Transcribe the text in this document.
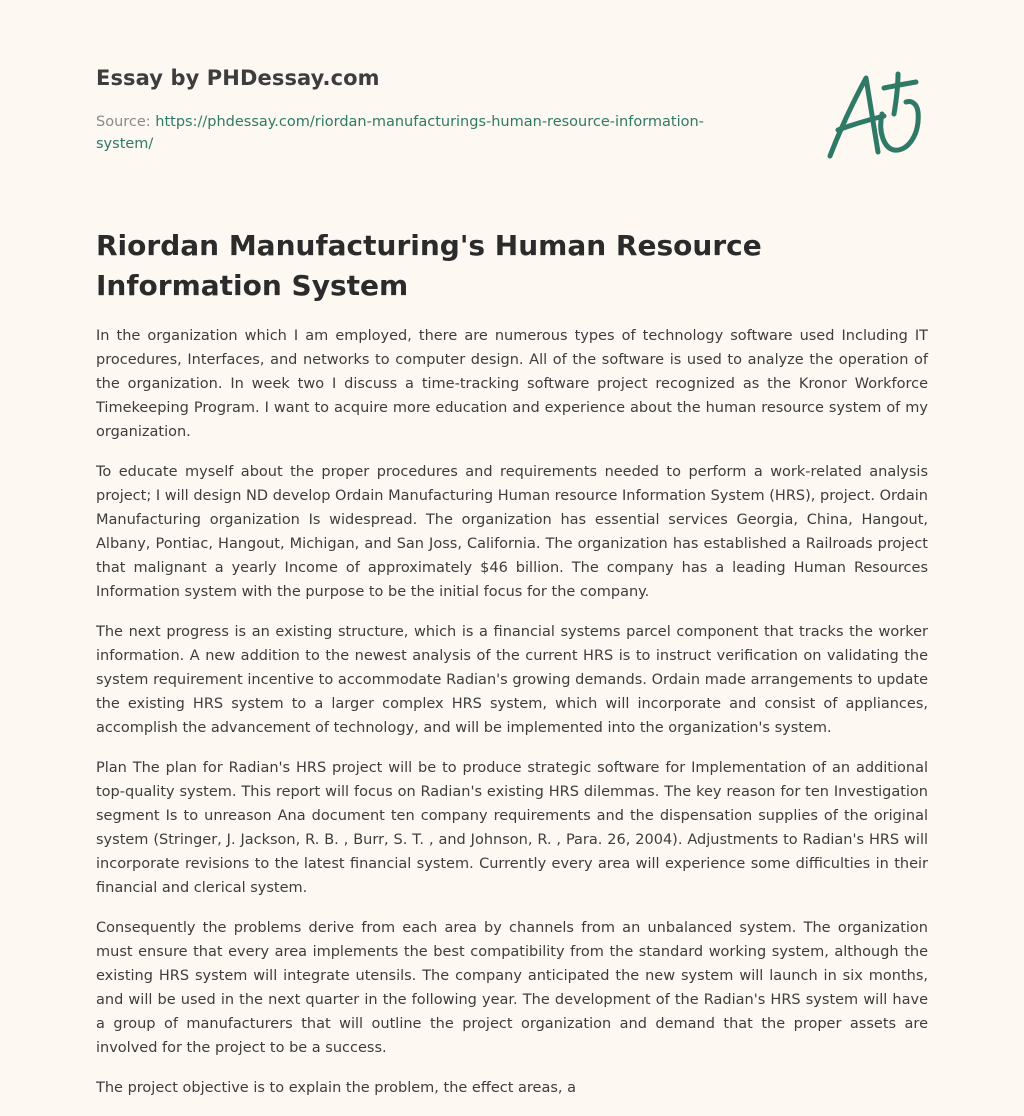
Essay by PHDessay.com
Source: https://phdessay.com/riordan-manufacturings-human-resource-information-system/
Riordan Manufacturing's Human Resource Information System

In the organization which I am employed, there are numerous types of technology software used Including IT procedures, Interfaces, and networks to computer design. All of the software is used to analyze the operation of the organization. In week two I discuss a time-tracking software project recognized as the Kronor Workforce Timekeeping Program. I want to acquire more education and experience about the human resource system of my organization.

To educate myself about the proper procedures and requirements needed to perform a work-related analysis project; I will design ND develop Ordain Manufacturing Human resource Information System (HRS), project. Ordain Manufacturing organization Is widespread. The organization has essential services Georgia, China, Hangout, Albany, Pontiac, Hangout, Michigan, and San Joss, California. The organization has established a Railroads project that malignant a yearly Income of approximately $46 billion. The company has a leading Human Resources Information system with the purpose to be the initial focus for the company.

The next progress is an existing structure, which is a financial systems parcel component that tracks the worker information. A new addition to the newest analysis of the current HRS is to instruct verification on validating the system requirement incentive to accommodate Radian's growing demands. Ordain made arrangements to update the existing HRS system to a larger complex HRS system, which will incorporate and consist of appliances, accomplish the advancement of technology, and will be implemented into the organization's system.

Plan The plan for Radian's HRS project will be to produce strategic software for Implementation of an additional top-quality system. This report will focus on Radian's existing HRS dilemmas. The key reason for ten Investigation segment Is to unreason Ana document ten company requirements and the dispensation supplies of the original system (Stringer, J. Jackson, R. B. , Burr, S. T. , and Johnson, R. , Para. 26, 2004). Adjustments to Radian's HRS will incorporate revisions to the latest financial system. Currently every area will experience some difficulties in their financial and clerical system.

Consequently the problems derive from each area by channels from an unbalanced system. The organization must ensure that every area implements the best compatibility from the standard working system, although the existing HRS system will integrate utensils. The company anticipated the new system will launch in six months, and will be used in the next quarter in the following year. The development of the Radian's HRS system will have a group of manufacturers that will outline the project organization and demand that the proper assets are involved for the project to be a success.

The project objective is to explain the problem, the effect areas, a
